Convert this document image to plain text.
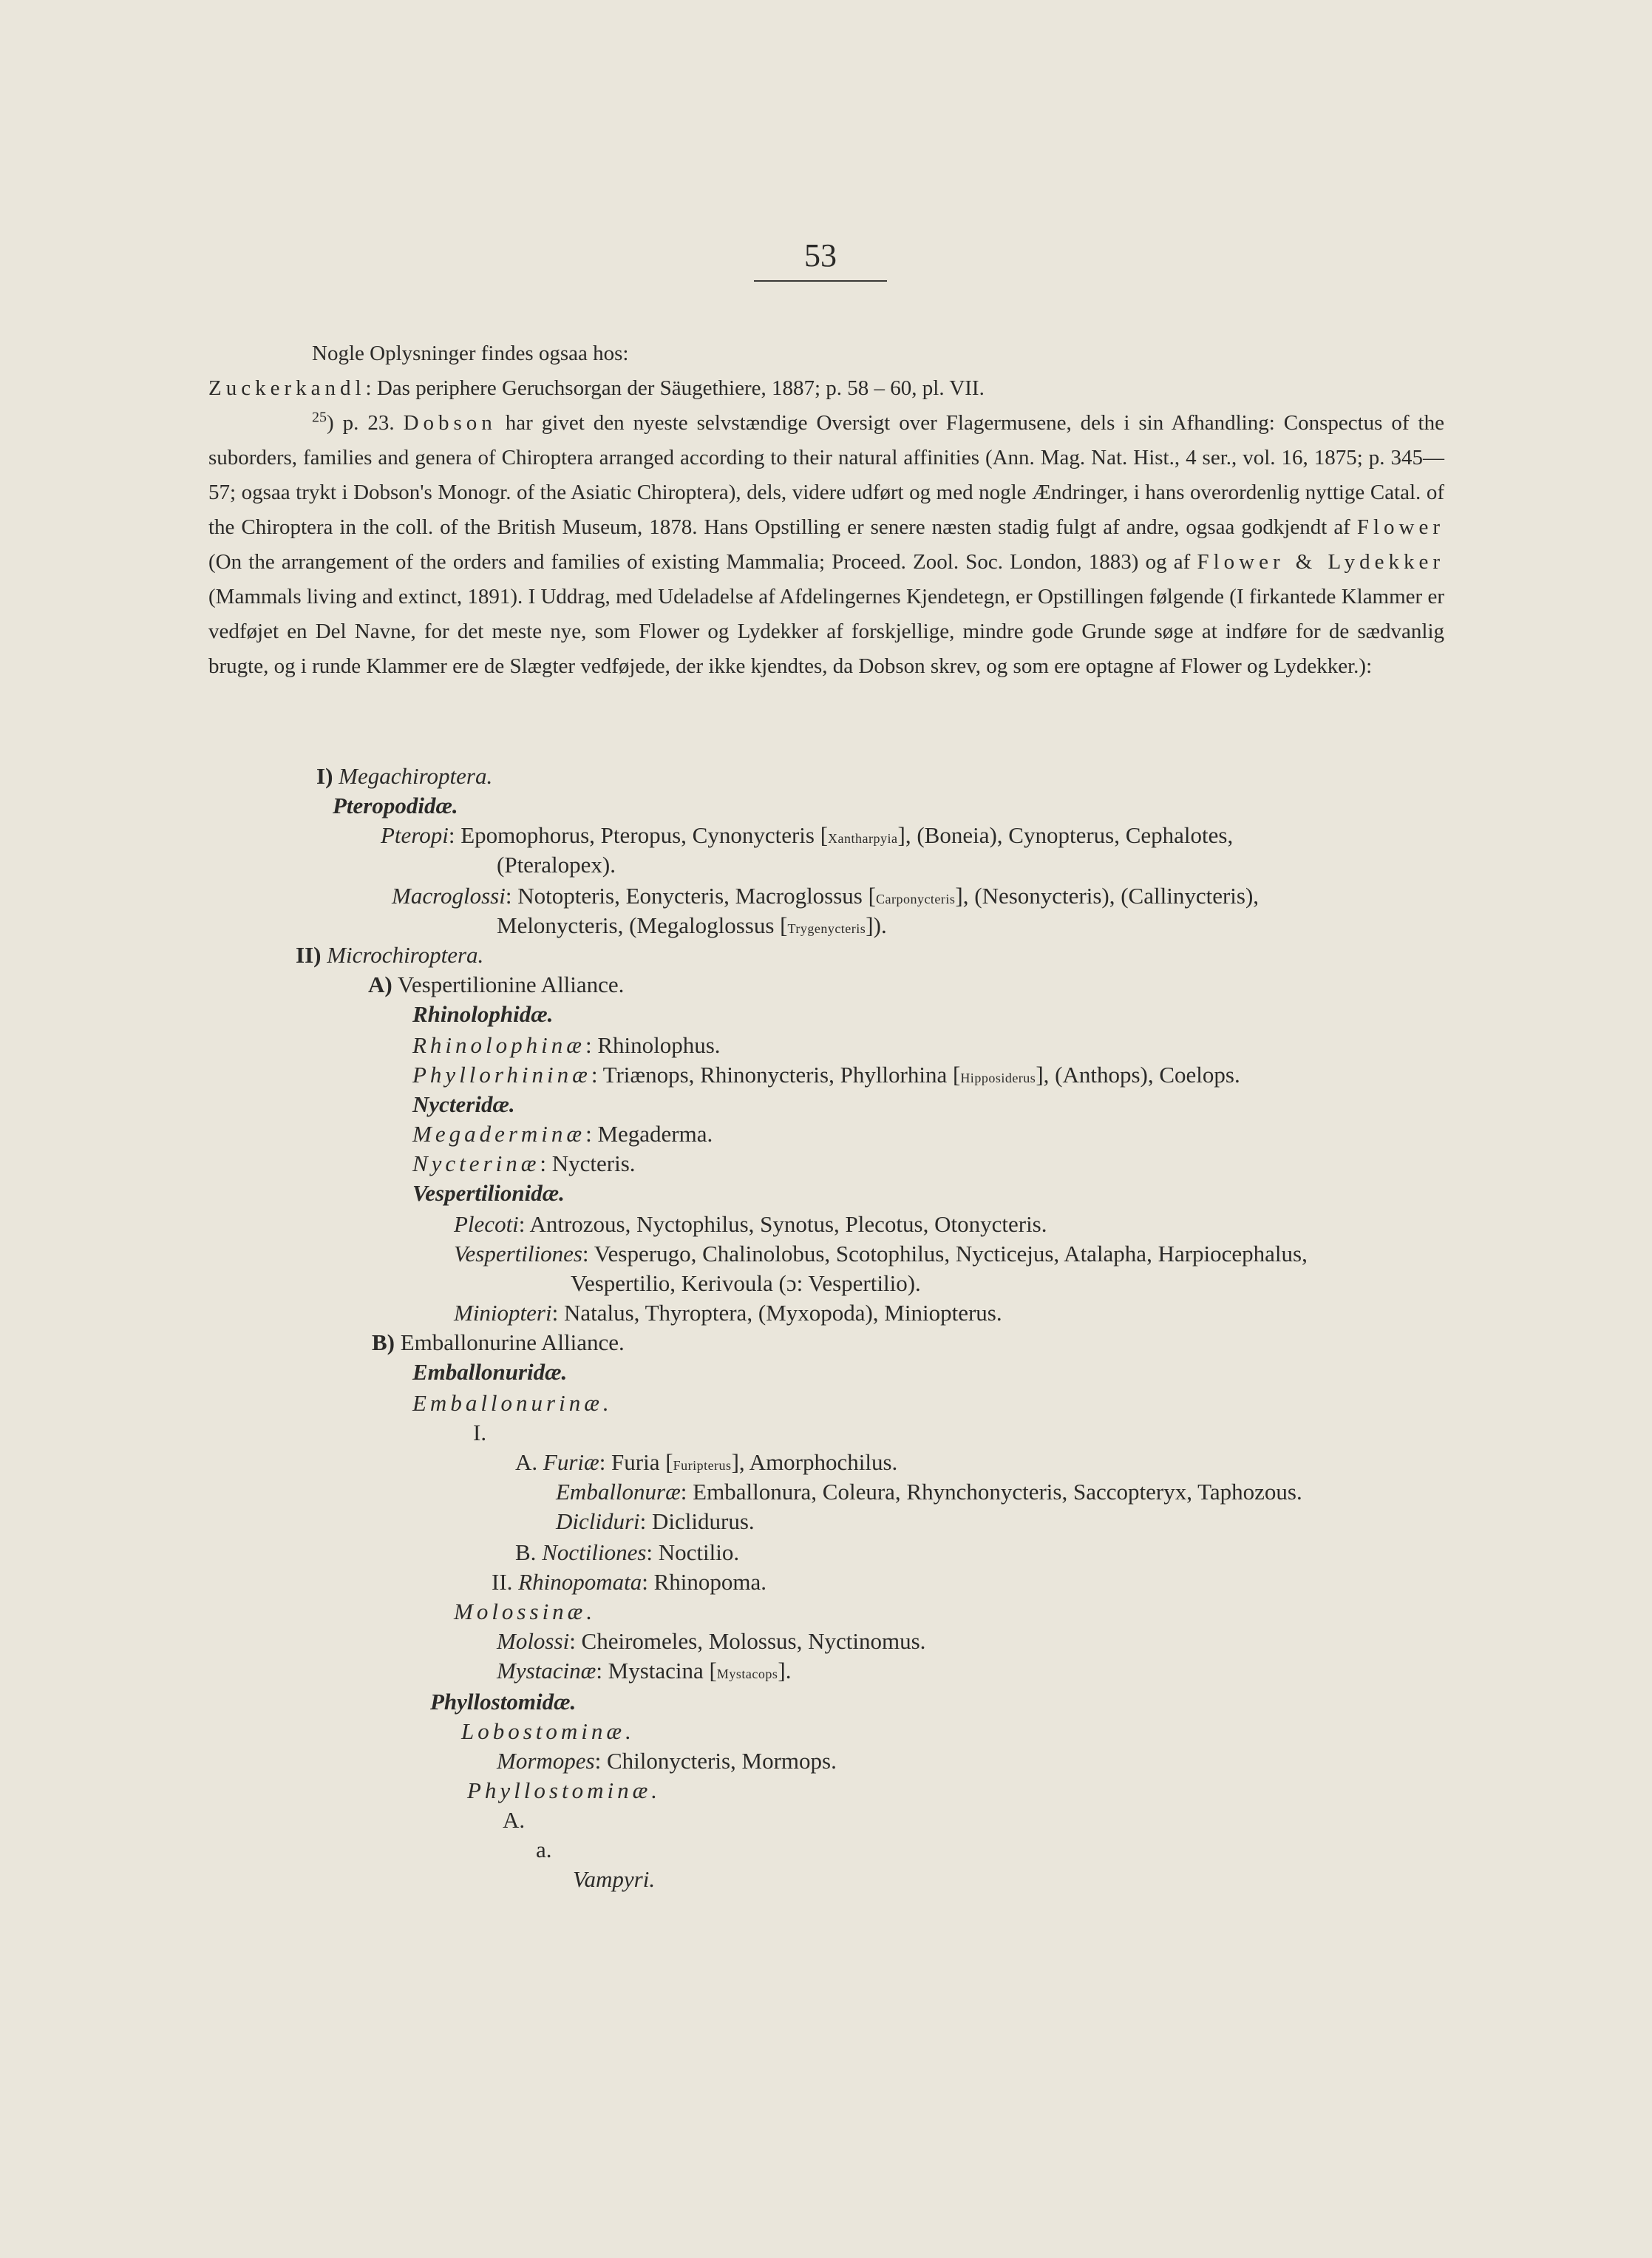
53

Nogle Oplysninger findes ogsaa hos:

Zuckerkandl: Das periphere Geruchsorgan der Säugethiere, 1887; p. 58 – 60, pl. VII.

$^{25}$) p. 23. Dobson har givet den nyeste selvstændige Oversigt over Flagermusene, dels i sin Afhandling: Conspectus of the suborders, families and genera of Chiroptera arranged according to their natural affinities (Ann. Mag. Nat. Hist., 4 ser., vol. 16, 1875; p. 345—57; ogsaa trykt i Dobson's Monogr. of the Asiatic Chiroptera), dels, videre udført og med nogle Ændringer, i hans overordenlig nyttige Catal. of the Chiroptera in the coll. of the British Museum, 1878. Hans Opstilling er senere næsten stadig fulgt af andre, ogsaa godkjendt af Flower (On the arrangement of the orders and families of existing Mammalia; Proceed. Zool. Soc. London, 1883) og af Flower & Lydekker (Mammals living and extinct, 1891). I Uddrag, med Udeladelse af Afdelingernes Kjendetegn, er Opstillingen følgende (I firkantede Klammer er vedføjet en Del Navne, for det meste nye, som Flower og Lydekker af forskjellige, mindre gode Grunde søge at indføre for de sædvanlig brugte, og i runde Klammer ere de Slægter vedføjede, der ikke kjendtes, da Dobson skrev, og som ere optagne af Flower og Lydekker.):

I) Megachiroptera.
Pteropodidæ.
Pteropi: Epomophorus, Pteropus, Cynonycteris [Xantharpyia], (Boneia), Cynopterus, Cephalotes,
(Pteralopex).
Macroglossi: Notopteris, Eonycteris, Macroglossus [Carponycteris], (Nesonycteris), (Callinycteris),
Melonycteris, (Megaloglossus [Trygenycteris]).
II) Microchiroptera.
A) Vespertilionine Alliance.
Rhinolophidæ.
Rhinolophinæ: Rhinolophus.
Phyllorhininæ: Triænops, Rhinonycteris, Phyllorhina [Hipposiderus], (Anthops), Coelops.
Nycteridæ.
Megaderminæ: Megaderma.
Nycterinæ: Nycteris.
Vespertilionidæ.
Plecoti: Antrozous, Nyctophilus, Synotus, Plecotus, Otonycteris.
Vespertiliones: Vesperugo, Chalinolobus, Scotophilus, Nycticejus, Atalapha, Harpiocephalus,
Vespertilio, Kerivoula (ɔ: Vespertilio).
Miniopteri: Natalus, Thyroptera, (Myxopoda), Miniopterus.
B) Emballonurine Alliance.
Emballonuridæ.
Emballonurinæ.
I.
A. Furiæ: Furia [Furipterus], Amorphochilus.
Emballonuræ: Emballonura, Coleura, Rhynchonycteris, Saccopteryx, Taphozous.
Dicliduri: Diclidurus.
B. Noctiliones: Noctilio.
II. Rhinopomata: Rhinopoma.
Molossinæ.
Molossi: Cheiromeles, Molossus, Nyctinomus.
Mystacinæ: Mystacina [Mystacops].
Phyllostomidæ.
Lobostominæ.
Mormopes: Chilonycteris, Mormops.
Phyllostominæ.
A.
a.
Vampyri.
